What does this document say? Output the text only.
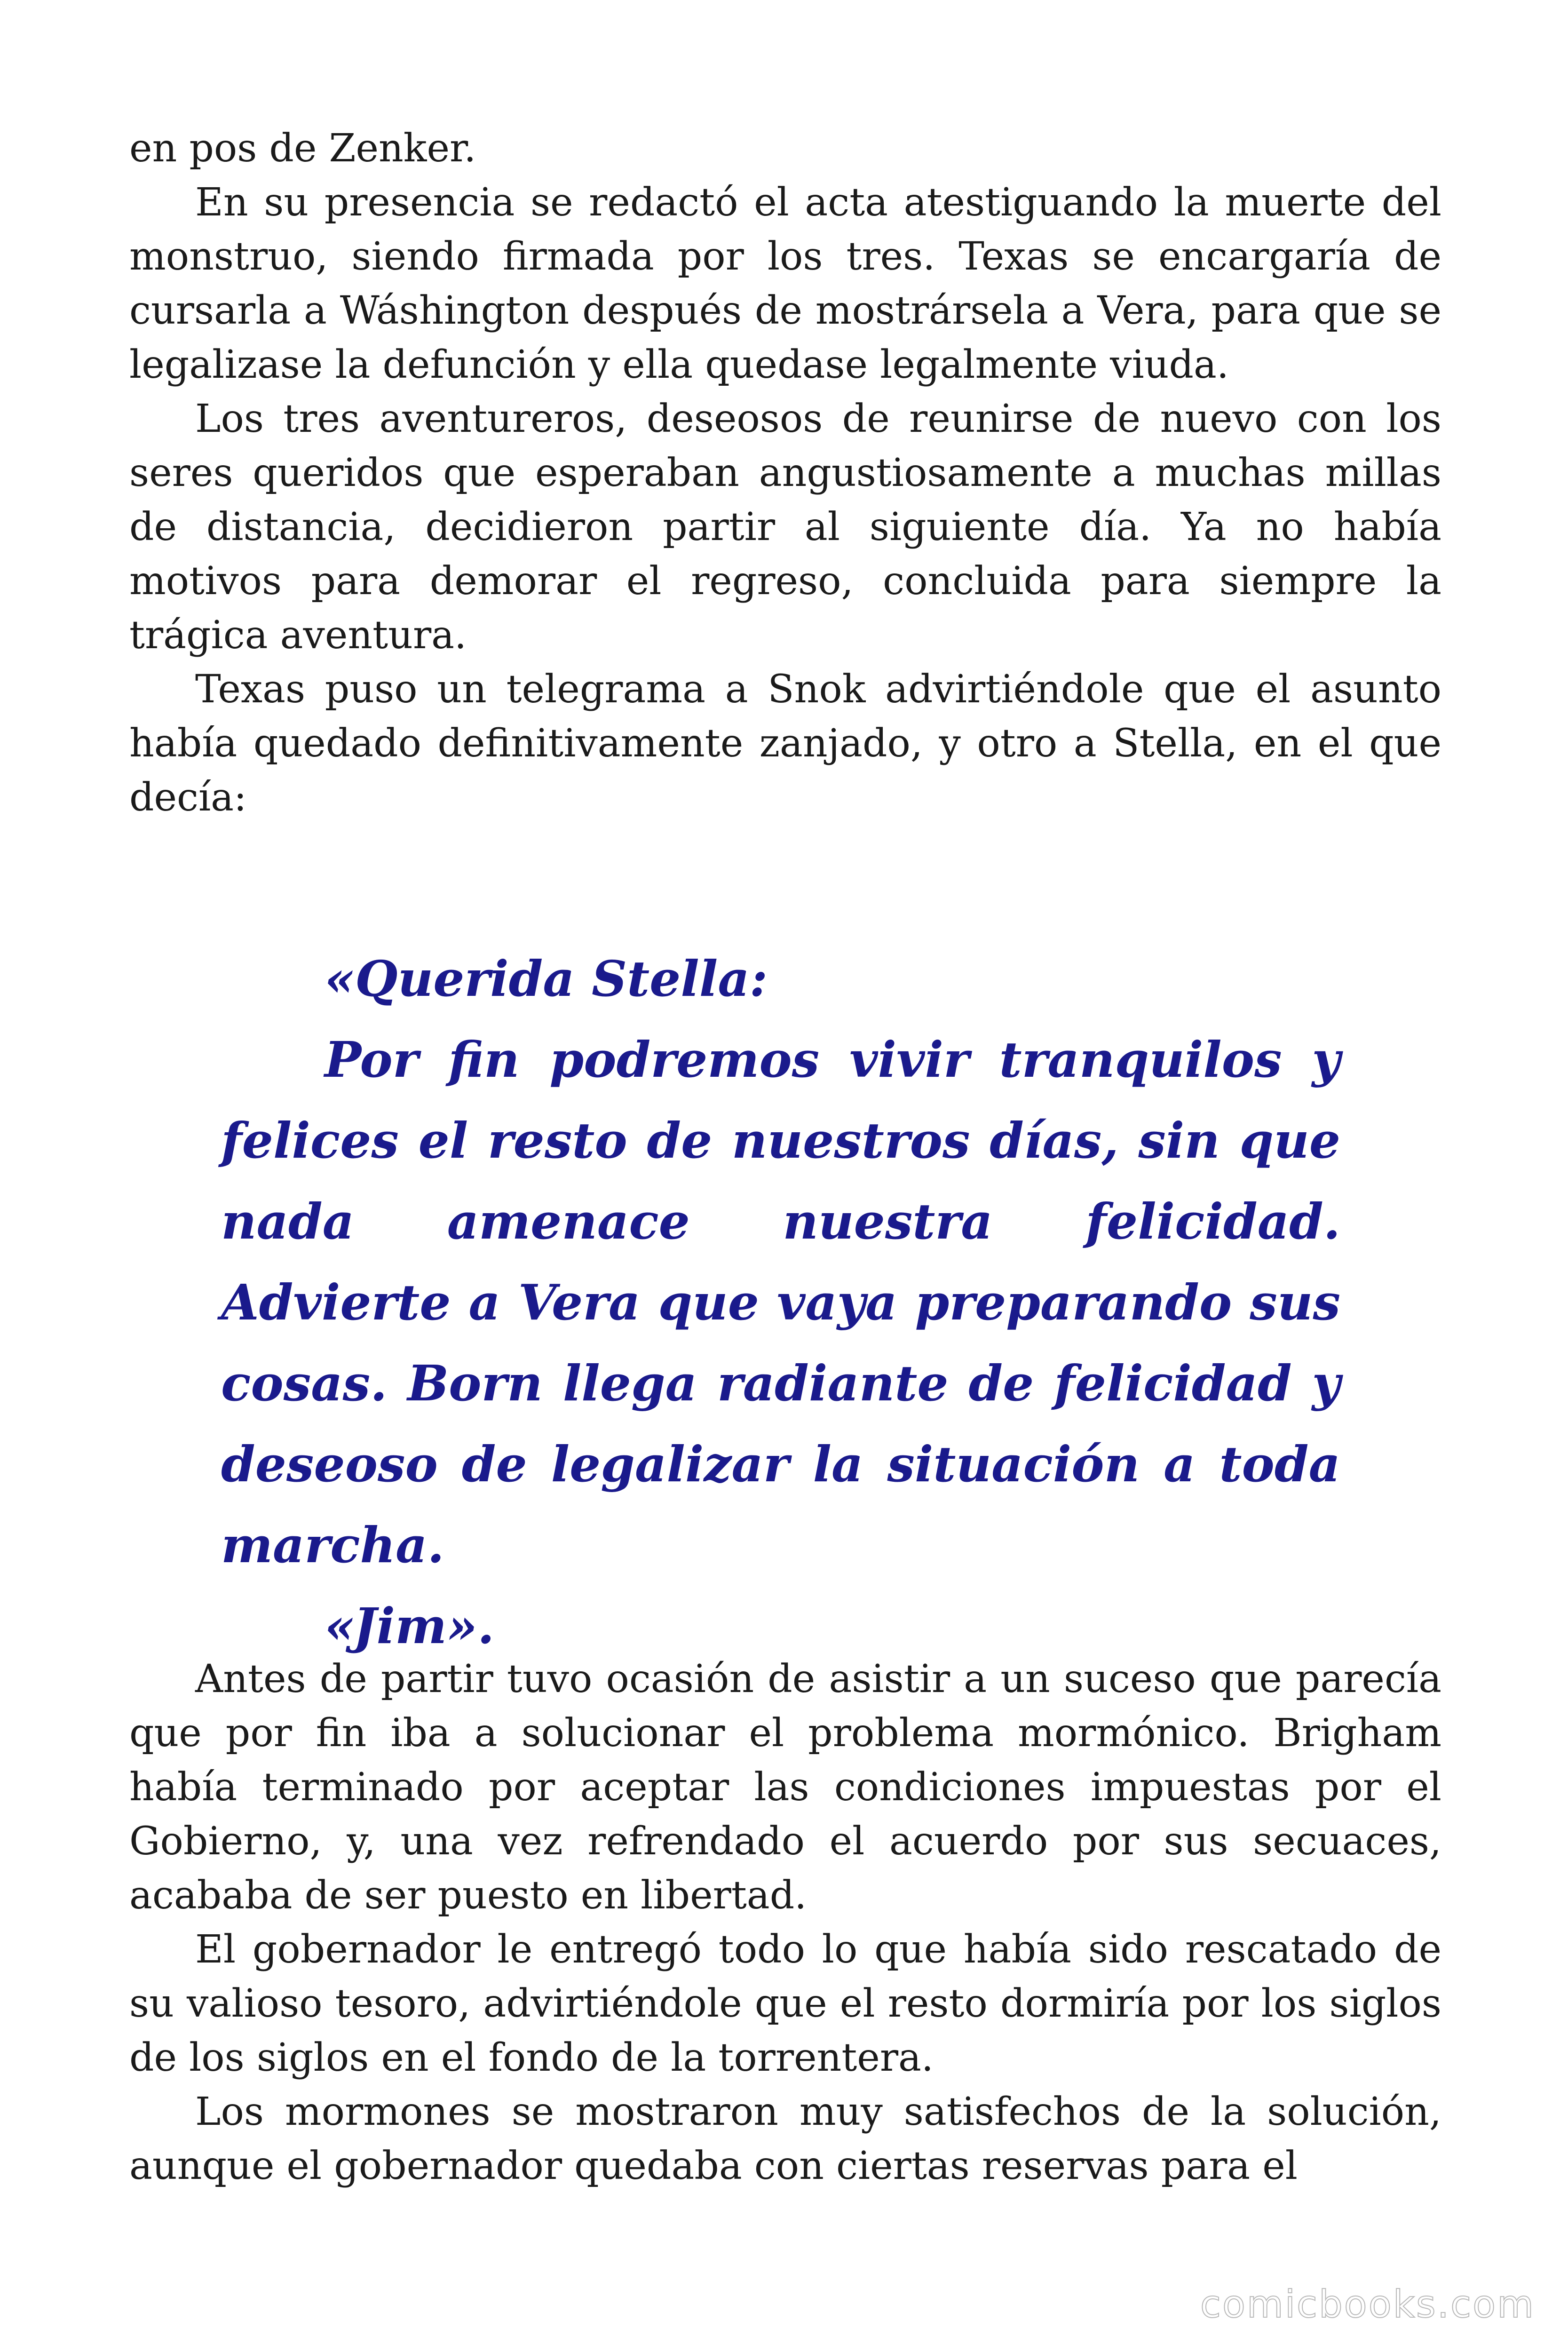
en pos de Zenker.

En su presencia se redactó el acta atestiguando la muerte del monstruo, siendo firmada por los tres. Texas se encargaría de cursarla a Wáshington después de mostrársela a Vera, para que se legalizase la defunción y ella quedase legalmente viuda.

Los tres aventureros, deseosos de reunirse de nuevo con los seres queridos que esperaban angustiosamente a muchas millas de distancia, decidieron partir al siguiente día. Ya no había motivos para demorar el regreso, concluida para siempre la trágica aventura.

Texas puso un telegrama a Snok advirtiéndole que el asunto había quedado definitivamente zanjado, y otro a Stella, en el que decía:

«Querida Stella:

Por fin podremos vivir tranquilos y felices el resto de nuestros días, sin que nada amenace nuestra felicidad. Advierte a Vera que vaya preparando sus cosas. Born llega radiante de felicidad y deseoso de legalizar la situación a toda marcha.

«Jim».

Antes de partir tuvo ocasión de asistir a un suceso que parecía que por fin iba a solucionar el problema mormónico. Brigham había terminado por aceptar las condiciones impuestas por el Gobierno, y, una vez refrendado el acuerdo por sus secuaces, acababa de ser puesto en libertad.

El gobernador le entregó todo lo que había sido rescatado de su valioso tesoro, advirtiéndole que el resto dormiría por los siglos de los siglos en el fondo de la torrentera.

Los mormones se mostraron muy satisfechos de la solución, aunque el gobernador quedaba con ciertas reservas para el

comicbooks.com
